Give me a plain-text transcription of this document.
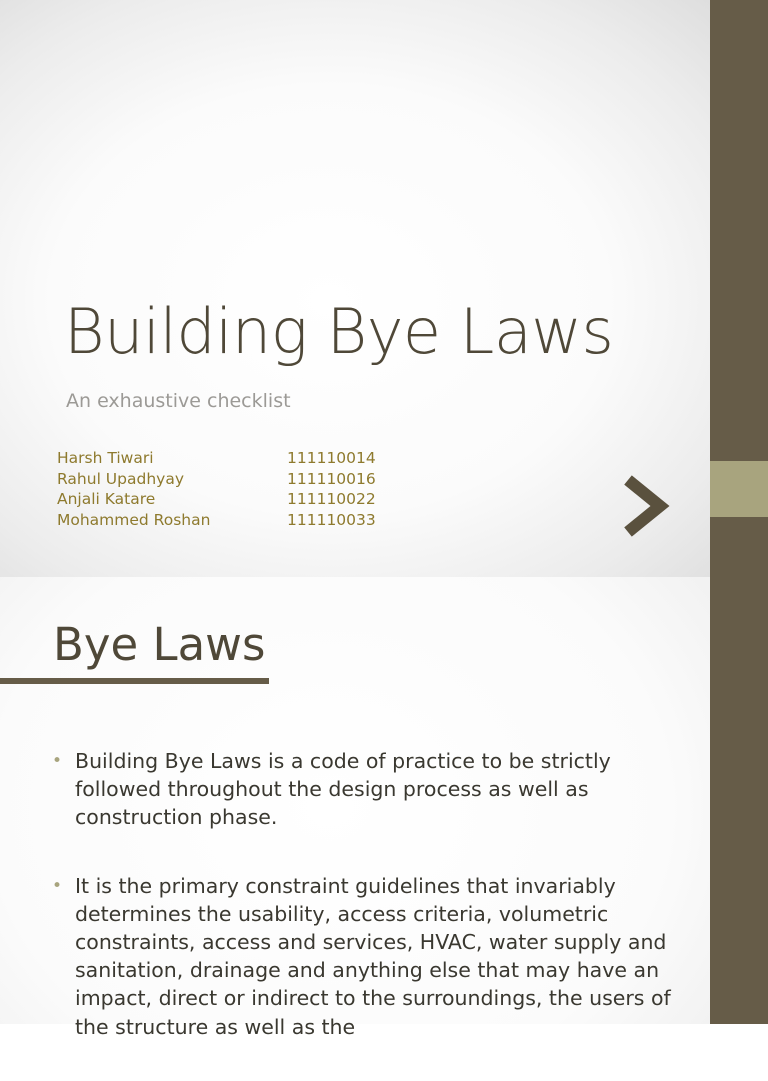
Building Bye Laws
An exhaustive checklist
Harsh Tiwari	111110014
Rahul Upadhyay	111110016
Anjali Katare	111110022
Mohammed Roshan	111110033
Bye Laws
• Building Bye Laws is a code of practice to be strictly followed throughout the design process as well as construction phase.
• It is the primary constraint guidelines that invariably determines the usability, access criteria, volumetric constraints, access and services, HVAC, water supply and sanitation, drainage and anything else that may have an impact, direct or indirect to the surroundings, the users of the structure as well as the
